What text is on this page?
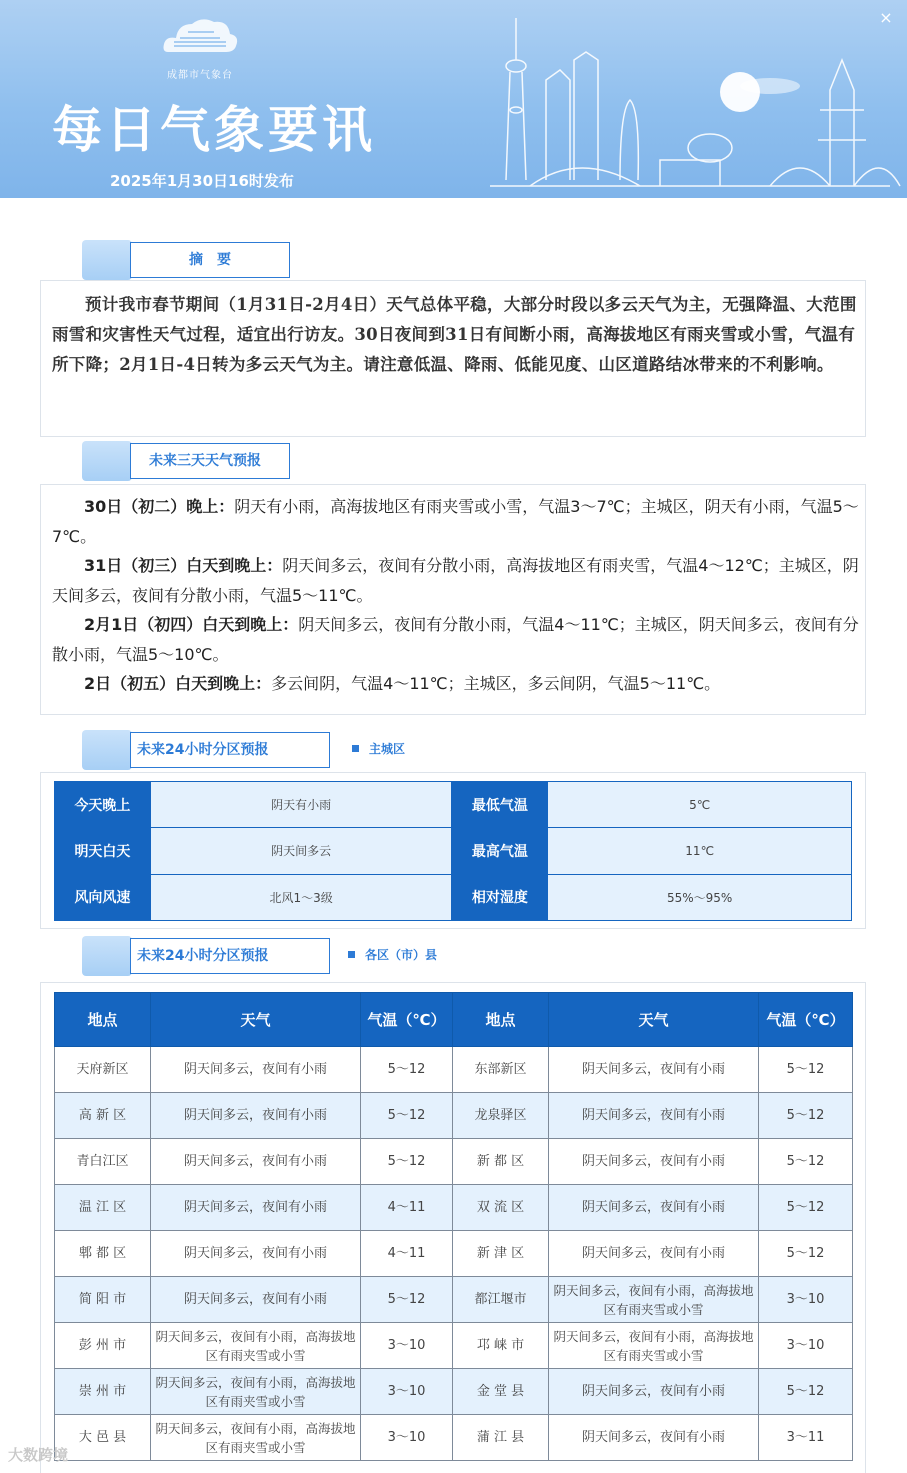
成都市气象台
每日气象要讯
2025年1月30日16时发布
×
摘　要
预计我市春节期间（1月31日-2月4日）天气总体平稳，大部分时段以多云天气为主，无强降温、大范围雨雪和灾害性天气过程，适宜出行访友。30日夜间到31日有间断小雨，高海拔地区有雨夹雪或小雪，气温有所下降；2月1日-4日转为多云天气为主。请注意低温、降雨、低能见度、山区道路结冰带来的不利影响。
未来三天天气预报

30日（初二）晚上：阴天有小雨，高海拔地区有雨夹雪或小雪，气温3～7℃；主城区，阴天有小雨，气温5～7℃。

31日（初三）白天到晚上：阴天间多云，夜间有分散小雨，高海拔地区有雨夹雪，气温4～12℃；主城区，阴天间多云，夜间有分散小雨，气温5～11℃。

2月1日（初四）白天到晚上：阴天间多云，夜间有分散小雨，气温4～11℃；主城区，阴天间多云，夜间有分散小雨，气温5～10℃。

2日（初五）白天到晚上：多云间阴，气温4～11℃；主城区，多云间阴，气温5～11℃。

未来24小时分区预报	主城区
今天晚上	阴天有小雨	最低气温	5℃
明天白天	阴天间多云	最高气温	11℃
风向风速	北风1～3级	相对湿度	55%～95%
未来24小时分区预报	各区（市）县
地点	天气	气温（℃）	地点	天气	气温（℃）
天府新区	阴天间多云，夜间有小雨	5～12	东部新区	阴天间多云，夜间有小雨	5～12
高 新 区	阴天间多云，夜间有小雨	5～12	龙泉驿区	阴天间多云，夜间有小雨	5～12
青白江区	阴天间多云，夜间有小雨	5～12	新 都 区	阴天间多云，夜间有小雨	5～12
温 江 区	阴天间多云，夜间有小雨	4～11	双 流 区	阴天间多云，夜间有小雨	5～12
郫 都 区	阴天间多云，夜间有小雨	4～11	新 津 区	阴天间多云，夜间有小雨	5～12
简 阳 市	阴天间多云，夜间有小雨	5～12	都江堰市	阴天间多云，夜间有小雨，高海拔地区有雨夹雪或小雪	3～10
彭 州 市	阴天间多云，夜间有小雨，高海拔地区有雨夹雪或小雪	3～10	邛 崃 市	阴天间多云，夜间有小雨，高海拔地区有雨夹雪或小雪	3～10
崇 州 市	阴天间多云，夜间有小雨，高海拔地区有雨夹雪或小雪	3～10	金 堂 县	阴天间多云，夜间有小雨	5～12
大 邑 县	阴天间多云，夜间有小雨，高海拔地区有雨夹雪或小雪	3～10	蒲 江 县	阴天间多云，夜间有小雨	3～11
大数跨境
